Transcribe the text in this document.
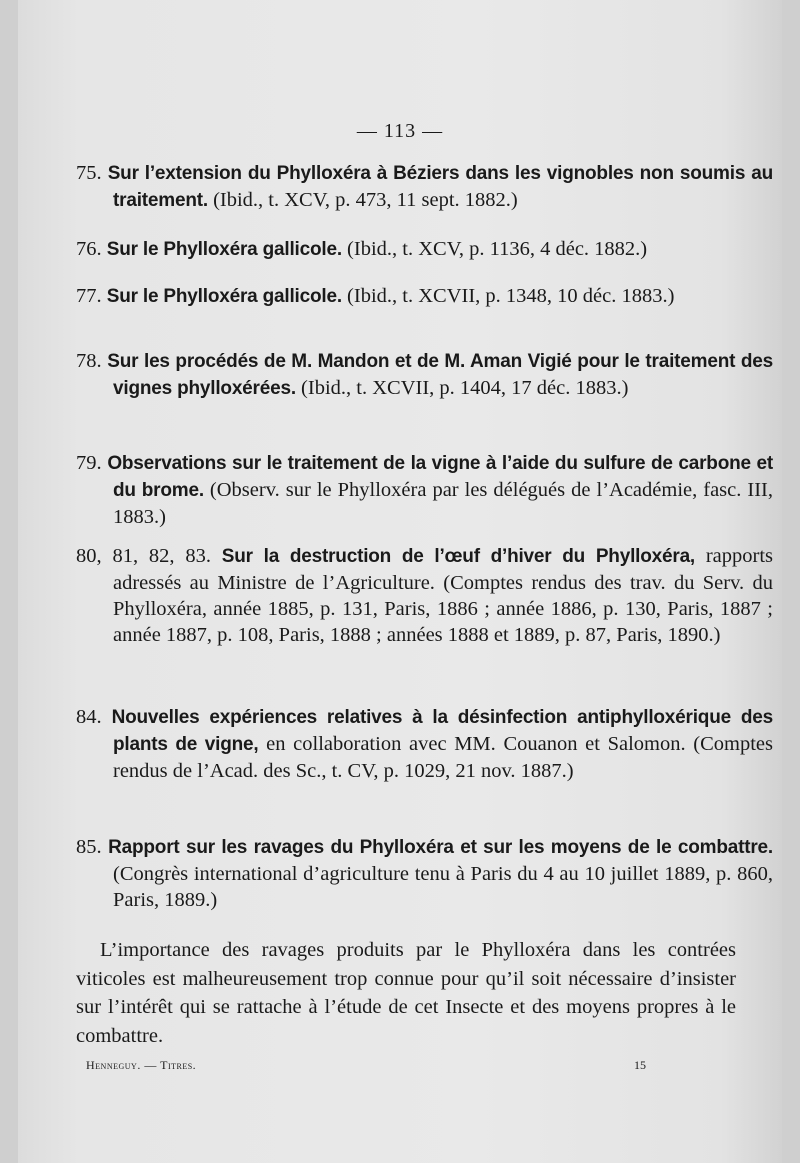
— 113 —
75. Sur l’extension du Phylloxéra à Béziers dans les vignobles non soumis au traitement. (Ibid., t. XCV, p. 473, 11 sept. 1882.)
76. Sur le Phylloxéra gallicole. (Ibid., t. XCV, p. 1136, 4 déc. 1882.)
77. Sur le Phylloxéra gallicole. (Ibid., t. XCVII, p. 1348, 10 déc. 1883.)
78. Sur les procédés de M. Mandon et de M. Aman Vigié pour le traitement des vignes phylloxérées. (Ibid., t. XCVII, p. 1404, 17 déc. 1883.)
79. Observations sur le traitement de la vigne à l’aide du sulfure de carbone et du brome. (Observ. sur le Phylloxéra par les délégués de l’Académie, fasc. III, 1883.)
80, 81, 82, 83. Sur la destruction de l’œuf d’hiver du Phylloxéra, rapports adressés au Ministre de l’Agriculture. (Comptes rendus des trav. du Serv. du Phylloxéra, année 1885, p. 131, Paris, 1886 ; année 1886, p. 130, Paris, 1887 ; année 1887, p. 108, Paris, 1888 ; années 1888 et 1889, p. 87, Paris, 1890.)
84. Nouvelles expériences relatives à la désinfection antiphylloxérique des plants de vigne, en collaboration avec MM. Couanon et Salomon. (Comptes rendus de l’Acad. des Sc., t. CV, p. 1029, 21 nov. 1887.)
85. Rapport sur les ravages du Phylloxéra et sur les moyens de le combattre. (Congrès international d’agriculture tenu à Paris du 4 au 10 juillet 1889, p. 860, Paris, 1889.)
L’importance des ravages produits par le Phylloxéra dans les contrées viticoles est malheureusement trop connue pour qu’il soit nécessaire d’insister sur l’intérêt qui se rattache à l’étude de cet Insecte et des moyens propres à le combattre.
Henneguy. — Titres.	15
